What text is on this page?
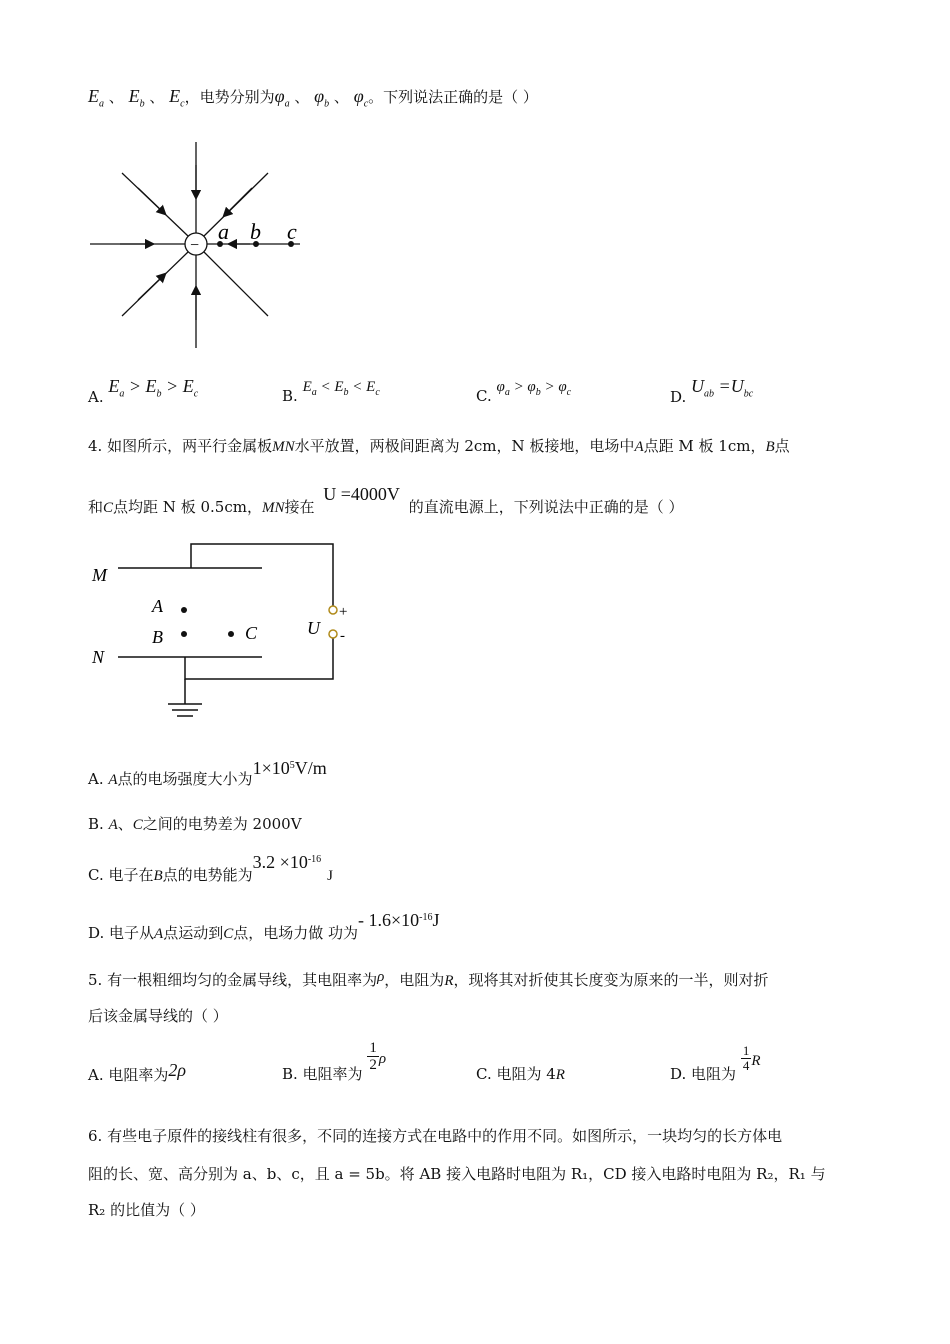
$E_a$ 、 $E_b$ 、 $E_c$，电势分别为$\varphi_a$ 、 $\varphi_b$ 、 $\varphi_c$。下列说法正确的是（ ）
−
a b c
A. $E_a > E_b > E_c$	B. $E_a < E_b < E_c$	C. $\varphi_a > \varphi_b > \varphi_c$	D. $U_{ab} =U_{bc}$
4. 如图所示，两平行金属板MN水平放置，两极间距离为 2cm，N 板接地，电场中A点距 M 板 1cm，B点
和C点均距 N 板 0.5cm，MN接在 U =4000V 的直流电源上，下列说法中正确的是（ ）
M
N
A
B	C	U
+
-
A. A点的电场强度大小为$1\times 10^5V/m$
B. A、C之间的电势差为 2000V
C. 电子在B点的电势能为$3.2 \times 10^{-16}J$
D. 电子从A点运动到C点，电场力做 功为- $1.6\times 10^{-16}J$
5. 有一根粗细均匀的金属导线，其电阻率为ρ，电阻为R，现将其对折使其长度变为原来的一半，则对折
后该金属导线的（ ）
A. 电阻率为2ρ	B. 电阻率为
$\frac{1}{2}$ ρ
C. 电阻为 4R	D. 电阻为
$\frac{1}{4}$ R
6. 有些电子原件的接线柱有很多，不同的连接方式在电路中的作用不同。如图所示，一块均匀的长方体电
阻的长、宽、高分别为 a、b、c，且 a = 5b。将 AB 接入电路时电阻为 R₁，CD 接入电路时电阻为 R₂，R₁ 与
R₂ 的比值为（ ）
